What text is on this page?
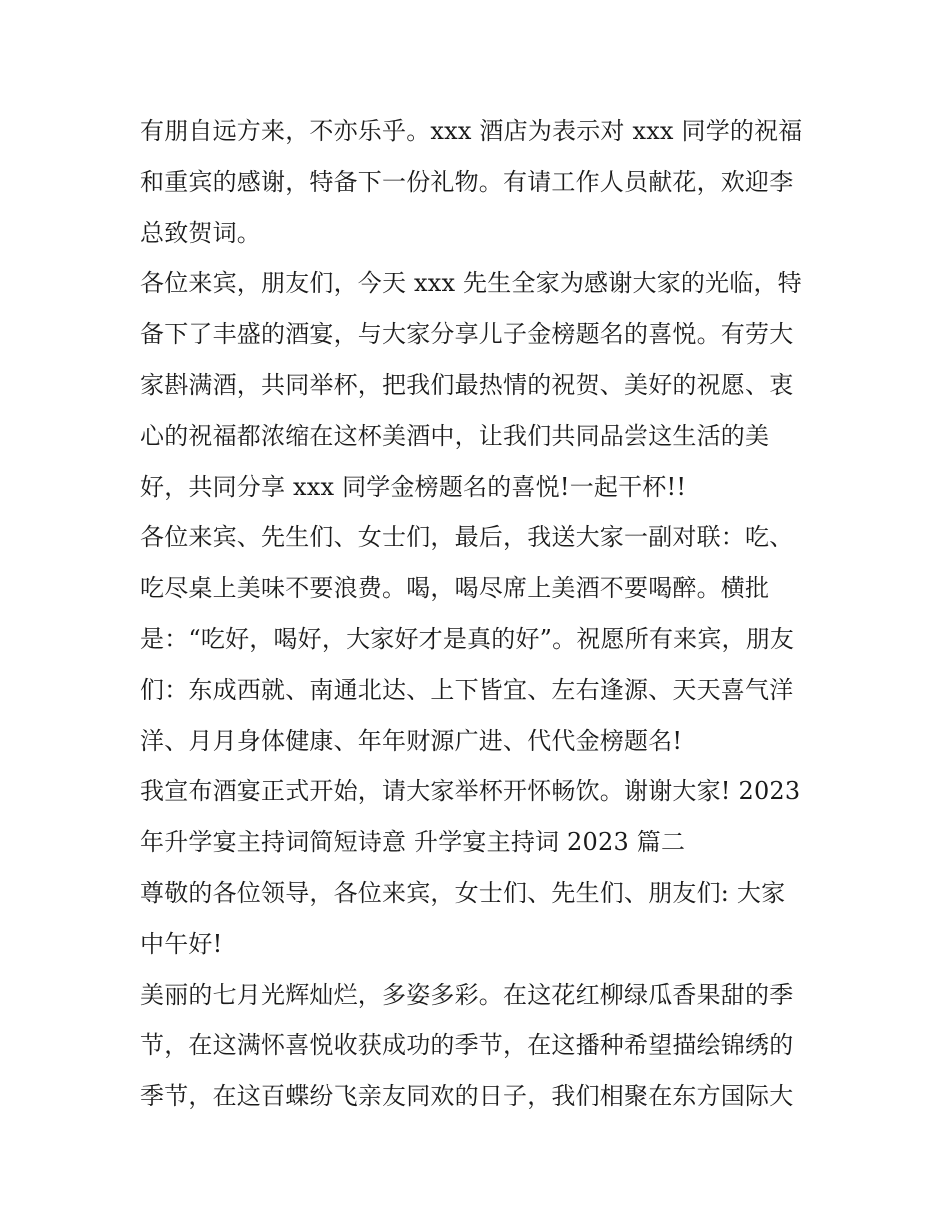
有朋自远方来，不亦乐乎。xxx 酒店为表示对 xxx 同学的祝福
和重宾的感谢，特备下一份礼物。有请工作人员献花，欢迎李
总致贺词。
各位来宾，朋友们，今天 xxx 先生全家为感谢大家的光临，特
备下了丰盛的酒宴，与大家分享儿子金榜题名的喜悦。有劳大
家斟满酒，共同举杯，把我们最热情的祝贺、美好的祝愿、衷
心的祝福都浓缩在这杯美酒中，让我们共同品尝这生活的美
好，共同分享 xxx 同学金榜题名的喜悦!一起干杯!!
各位来宾、先生们、女士们，最后，我送大家一副对联：吃、
吃尽桌上美味不要浪费。喝，喝尽席上美酒不要喝醉。横批
是：“吃好，喝好，大家好才是真的好”。祝愿所有来宾，朋友
们：东成西就、南通北达、上下皆宜、左右逢源、天天喜气洋
洋、月月身体健康、年年财源广进、代代金榜题名!
我宣布酒宴正式开始，请大家举杯开怀畅饮。谢谢大家! 2023
年升学宴主持词简短诗意 升学宴主持词 2023 篇二
尊敬的各位领导，各位来宾，女士们、先生们、朋友们: 大家
中午好!
美丽的七月光辉灿烂，多姿多彩。在这花红柳绿瓜香果甜的季
节，在这满怀喜悦收获成功的季节，在这播种希望描绘锦绣的
季节，在这百蝶纷飞亲友同欢的日子，我们相聚在东方国际大
